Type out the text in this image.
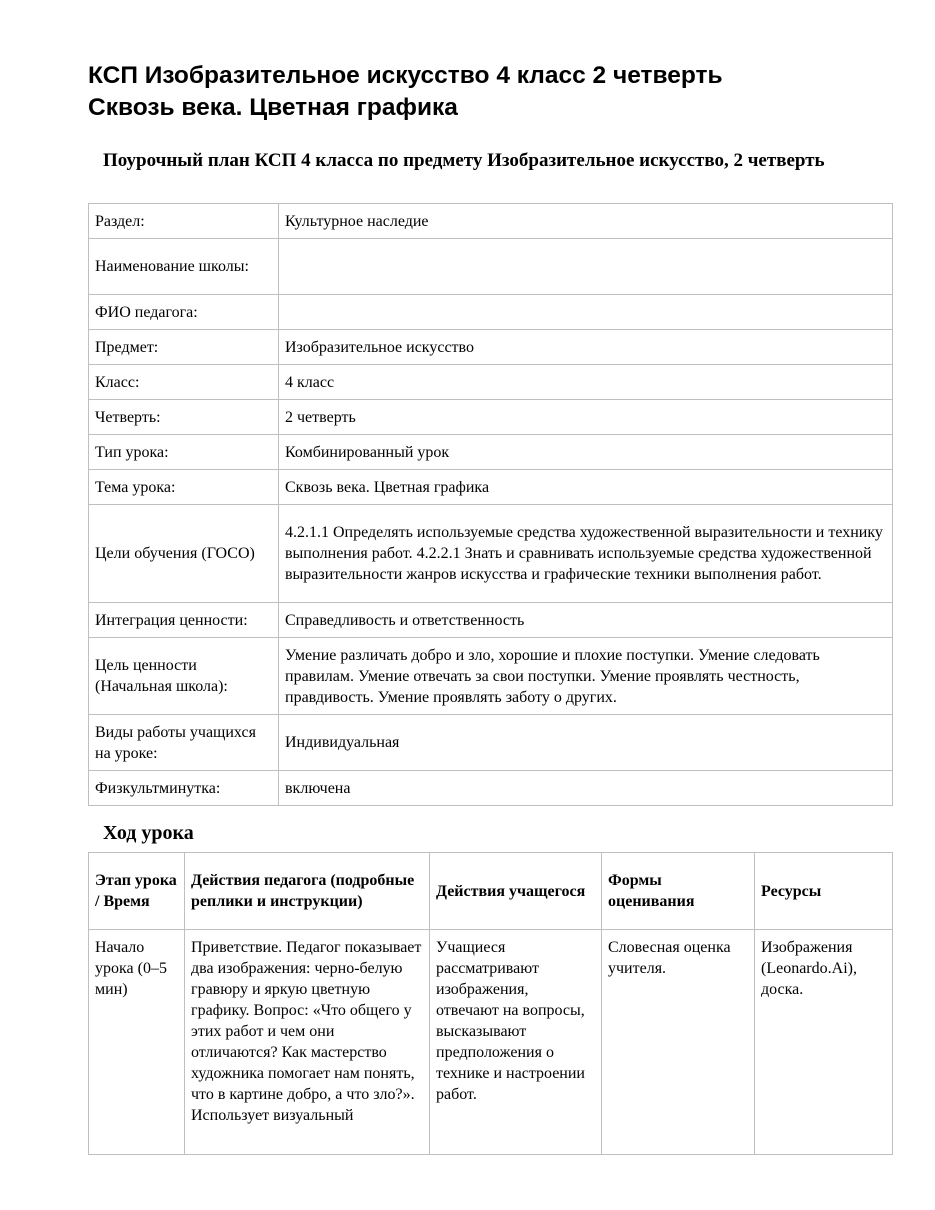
КСП Изобразительное искусство 4 класс 2 четверть
Сквозь века. Цветная графика
Поурочный план КСП 4 класса по предмету Изобразительное искусство, 2 четверть
Раздел:	Культурное наследие
Наименование школы:	
ФИО педагога:	
Предмет:	Изобразительное искусство
Класс:	4 класс
Четверть:	2 четверть
Тип урока:	Комбинированный урок
Тема урока:	Сквозь века. Цветная графика
Цели обучения (ГОСО)	4.2.1.1 Определять используемые средства художественной выразительности и технику выполнения работ. 4.2.2.1 Знать и сравнивать используемые средства художественной выразительности жанров искусства и графические техники выполнения работ.
Интеграция ценности:	Справедливость и ответственность
Цель ценности (Начальная школа):	Умение различать добро и зло, хорошие и плохие поступки. Умение следовать правилам. Умение отвечать за свои поступки. Умение проявлять честность, правдивость. Умение проявлять заботу о других.
Виды работы учащихся на уроке:	Индивидуальная
Физкультминутка:	включена
Ход урока
Этап урока / Время	Действия педагога (подробные реплики и инструкции)	Действия учащегося	Формы оценивания	Ресурсы
Начало урока (0–5 мин)	Приветствие. Педагог показывает два изображения: черно-белую гравюру и яркую цветную графику. Вопрос: «Что общего у этих работ и чем они отличаются? Как мастерство художника помогает нам понять, что в картине добро, а что зло?». Использует визуальный	Учащиеся рассматривают изображения, отвечают на вопросы, высказывают предположения о технике и настроении работ.	Словесная оценка учителя.	Изображения (Leonardo.Ai), доска.
